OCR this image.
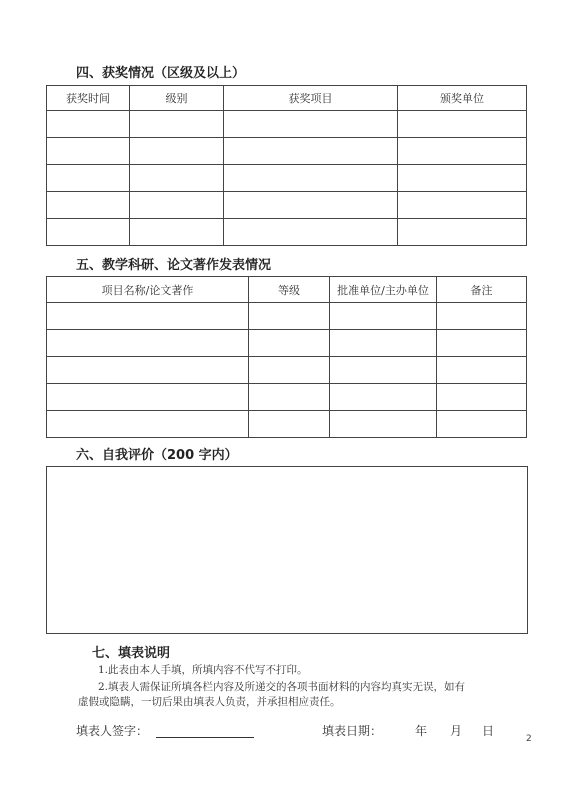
四、获奖情况（区级及以上）
获奖时间	级别	获奖项目	颁奖单位

五、教学科研、论文著作发表情况
项目名称/论文著作	等级	批准单位/主办单位	备注

六、自我评价（200 字内）
七、填表说明
1.此表由本人手填，所填内容不代写不打印。
2.填表人需保证所填各栏内容及所递交的各项书面材料的内容均真实无误，如有
虚假或隐瞒，一切后果由填表人负责，并承担相应责任。
填表人签字：	填表日期：	年 月 日
2
